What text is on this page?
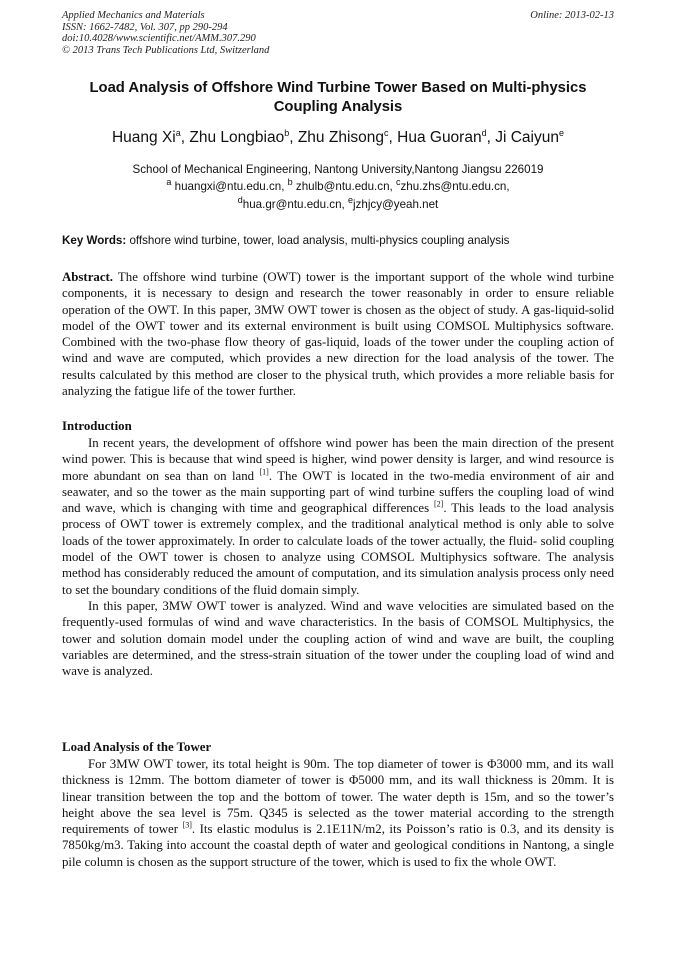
Applied Mechanics and Materials
ISSN: 1662-7482, Vol. 307, pp 290-294
doi:10.4028/www.scientific.net/AMM.307.290
© 2013 Trans Tech Publications Ltd, Switzerland
Online: 2013-02-13
Load Analysis of Offshore Wind Turbine Tower Based on Multi-physics
Coupling Analysis
Huang Xi$^a$, Zhu Longbiao$^b$, Zhu Zhisong$^c$, Hua Guoran$^d$, Ji Caiyun$^e$
School of Mechanical Engineering, Nantong University,Nantong Jiangsu 226019
$^a$ huangxi@ntu.edu.cn, $^b$ zhulb@ntu.edu.cn, $^c$zhu.zhs@ntu.edu.cn,
$^d$hua.gr@ntu.edu.cn, $^e$jzhjcy@yeah.net
Key Words: offshore wind turbine, tower, load analysis, multi-physics coupling analysis

Abstract. The offshore wind turbine (OWT) tower is the important support of the whole wind turbine components, it is necessary to design and research the tower reasonably in order to ensure reliable operation of the OWT. In this paper, 3MW OWT tower is chosen as the object of study. A gas-liquid-solid model of the OWT tower and its external environment is built using COMSOL Multiphysics software. Combined with the two-phase flow theory of gas-liquid, loads of the tower under the coupling action of wind and wave are computed, which provides a new direction for the load analysis of the tower. The results calculated by this method are closer to the physical truth, which provides a more reliable basis for analyzing the fatigue life of the tower further.

Introduction

In recent years, the development of offshore wind power has been the main direction of the present wind power. This is because that wind speed is higher, wind power density is larger, and wind resource is more abundant on sea than on land [1]. The OWT is located in the two-media environment of air and seawater, and so the tower as the main supporting part of wind turbine suffers the coupling load of wind and wave, which is changing with time and geographical differences [2]. This leads to the load analysis process of OWT tower is extremely complex, and the traditional analytical method is only able to solve loads of the tower approximately. In order to calculate loads of the tower actually, the fluid- solid coupling model of the OWT tower is chosen to analyze using COMSOL Multiphysics software. The analysis method has considerably reduced the amount of computation, and its simulation analysis process only need to set the boundary conditions of the fluid domain simply.

In this paper, 3MW OWT tower is analyzed. Wind and wave velocities are simulated based on the frequently-used formulas of wind and wave characteristics. In the basis of COMSOL Multiphysics, the tower and solution domain model under the coupling action of wind and wave are built, the coupling variables are determined, and the stress-strain situation of the tower under the coupling load of wind and wave is analyzed.

Load Analysis of the Tower

For 3MW OWT tower, its total height is 90m. The top diameter of tower is Φ3000 mm, and its wall thickness is 12mm. The bottom diameter of tower is Φ5000 mm, and its wall thickness is 20mm. It is linear transition between the top and the bottom of tower. The water depth is 15m, and so the tower’s height above the sea level is 75m. Q345 is selected as the tower material according to the strength requirements of tower [3]. Its elastic modulus is 2.1E11N/m2, its Poisson’s ratio is 0.3, and its density is 7850kg/m3. Taking into account the coastal depth of water and geological conditions in Nantong, a single pile column is chosen as the support structure of the tower, which is used to fix the whole OWT.
